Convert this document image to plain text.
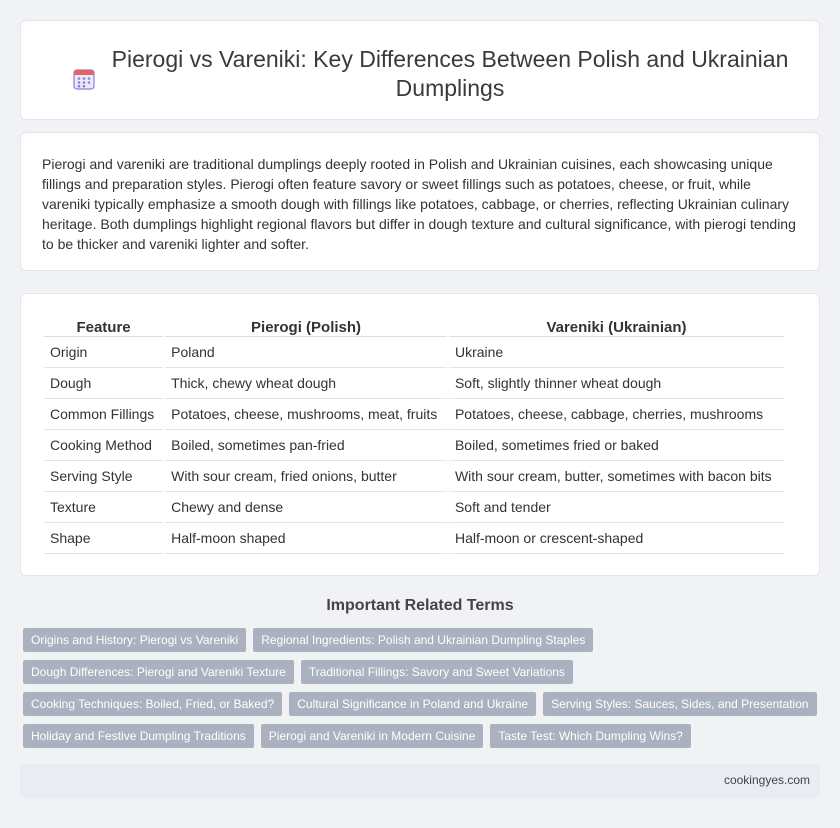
Pierogi vs Vareniki: Key Differences Between Polish and Ukrainian Dumplings

Pierogi and vareniki are traditional dumplings deeply rooted in Polish and Ukrainian cuisines, each showcasing unique fillings and preparation styles. Pierogi often feature savory or sweet fillings such as potatoes, cheese, or fruit, while vareniki typically emphasize a smooth dough with fillings like potatoes, cabbage, or cherries, reflecting Ukrainian culinary heritage. Both dumplings highlight regional flavors but differ in dough texture and cultural significance, with pierogi tending to be thicker and vareniki lighter and softer.

Feature	Pierogi (Polish)	Vareniki (Ukrainian)
Origin	Poland	Ukraine
Dough	Thick, chewy wheat dough	Soft, slightly thinner wheat dough
Common Fillings	Potatoes, cheese, mushrooms, meat, fruits	Potatoes, cheese, cabbage, cherries, mushrooms
Cooking Method	Boiled, sometimes pan-fried	Boiled, sometimes fried or baked
Serving Style	With sour cream, fried onions, butter	With sour cream, butter, sometimes with bacon bits
Texture	Chewy and dense	Soft and tender
Shape	Half-moon shaped	Half-moon or crescent-shaped
Important Related Terms
Origins and History: Pierogi vs Vareniki	Regional Ingredients: Polish and Ukrainian Dumpling Staples
Dough Differences: Pierogi and Vareniki Texture	Traditional Fillings: Savory and Sweet Variations
Cooking Techniques: Boiled, Fried, or Baked?	Cultural Significance in Poland and Ukraine	Serving Styles: Sauces, Sides, and Presentation
Holiday and Festive Dumpling Traditions	Pierogi and Vareniki in Modern Cuisine	Taste Test: Which Dumpling Wins?
cookingyes.com
